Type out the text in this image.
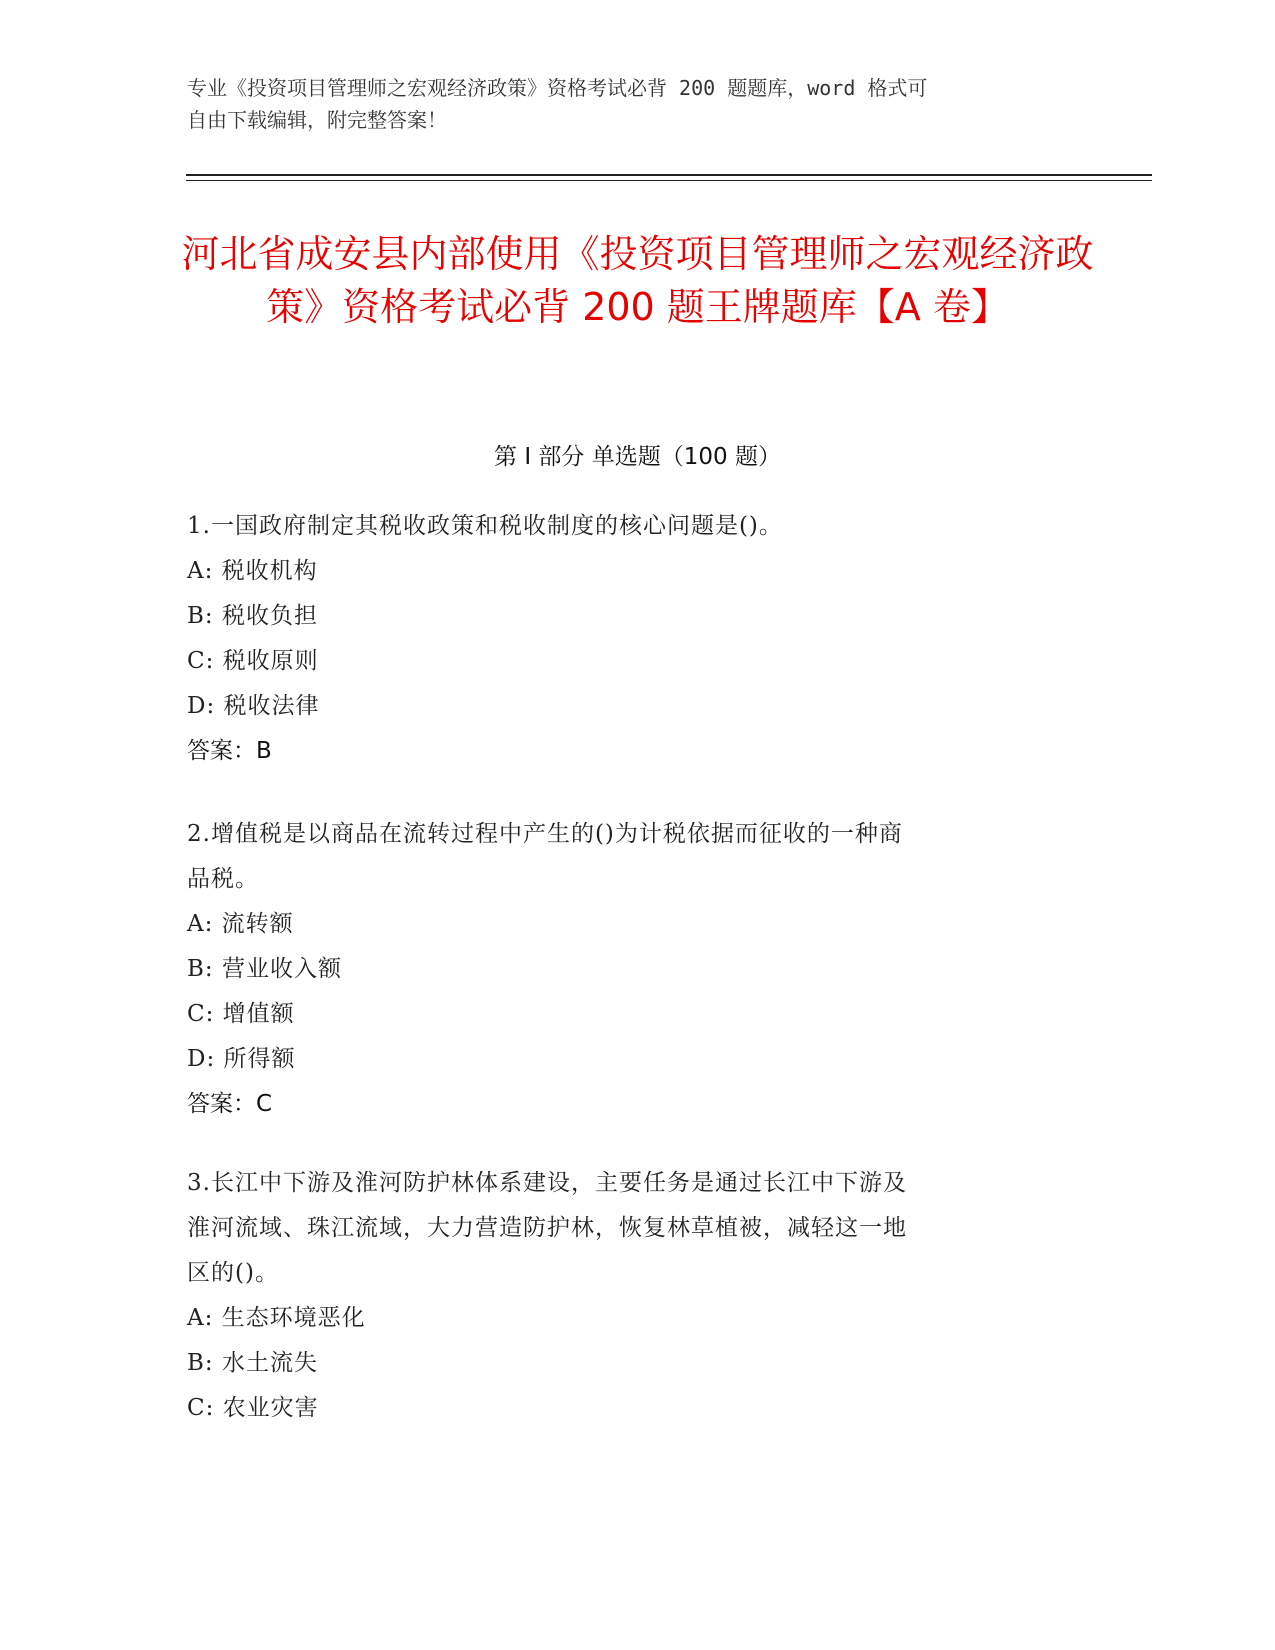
专业《投资项目管理师之宏观经济政策》资格考试必背 200 题题库，word 格式可
自由下载编辑，附完整答案！
河北省成安县内部使用《投资项目管理师之宏观经济政策》资格考试必背 200 题王牌题库【A 卷】
第 I 部分 单选题（100 题）
1.一国政府制定其税收政策和税收制度的核心问题是()。
A: 税收机构
B: 税收负担
C: 税收原则
D: 税收法律
答案：B
2.增值税是以商品在流转过程中产生的()为计税依据而征收的一种商
品税。
A: 流转额
B: 营业收入额
C: 增值额
D: 所得额
答案：C
3.长江中下游及淮河防护林体系建设，主要任务是通过长江中下游及
淮河流域、珠江流域，大力营造防护林，恢复林草植被，减轻这一地
区的()。
A: 生态环境恶化
B: 水土流失
C: 农业灾害
